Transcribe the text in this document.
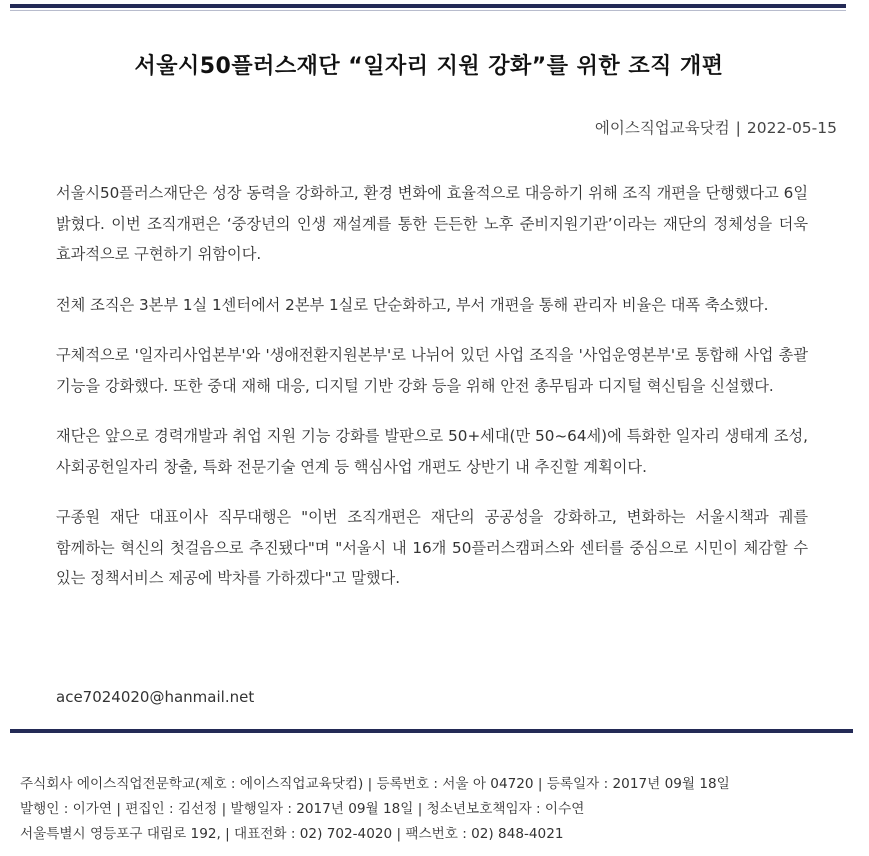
서울시50플러스재단 “일자리 지원 강화”를 위한 조직 개편
에이스직업교육닷컴 | 2022-05-15

서울시50플러스재단은 성장 동력을 강화하고, 환경 변화에 효율적으로 대응하기 위해 조직 개편을 단행했다고 6일 밝혔다. 이번 조직개편은 ‘중장년의 인생 재설계를 통한 든든한 노후 준비지원기관’이라는 재단의 정체성을 더욱 효과적으로 구현하기 위함이다.

전체 조직은 3본부 1실 1센터에서 2본부 1실로 단순화하고, 부서 개편을 통해 관리자 비율은 대폭 축소했다.

구체적으로 '일자리사업본부'와 '생애전환지원본부'로 나뉘어 있던 사업 조직을 '사업운영본부'로 통합해 사업 총괄 기능을 강화했다. 또한 중대 재해 대응, 디지털 기반 강화 등을 위해 안전 총무팀과 디지털 혁신팀을 신설했다.

재단은 앞으로 경력개발과 취업 지원 기능 강화를 발판으로 50+세대(만 50~64세)에 특화한 일자리 생태계 조성, 사회공헌일자리 창출, 특화 전문기술 연계 등 핵심사업 개편도 상반기 내 추진할 계획이다.

구종원 재단 대표이사 직무대행은 "이번 조직개편은 재단의 공공성을 강화하고, 변화하는 서울시책과 궤를 함께하는 혁신의 첫걸음으로 추진됐다"며 "서울시 내 16개 50플러스캠퍼스와 센터를 중심으로 시민이 체감할 수 있는 정책서비스 제공에 박차를 가하겠다"고 말했다.

ace7024020@hanmail.net
주식회사 에이스직업전문학교(제호 : 에이스직업교육닷컴) | 등록번호 : 서울 아 04720 | 등록일자 : 2017년 09월 18일
발행인 : 이가연 | 편집인 : 김선정 | 발행일자 : 2017년 09월 18일 | 청소년보호책임자 : 이수연
서울특별시 영등포구 대림로 192, | 대표전화 : 02) 702-4020 | 팩스번호 : 02) 848-4021
